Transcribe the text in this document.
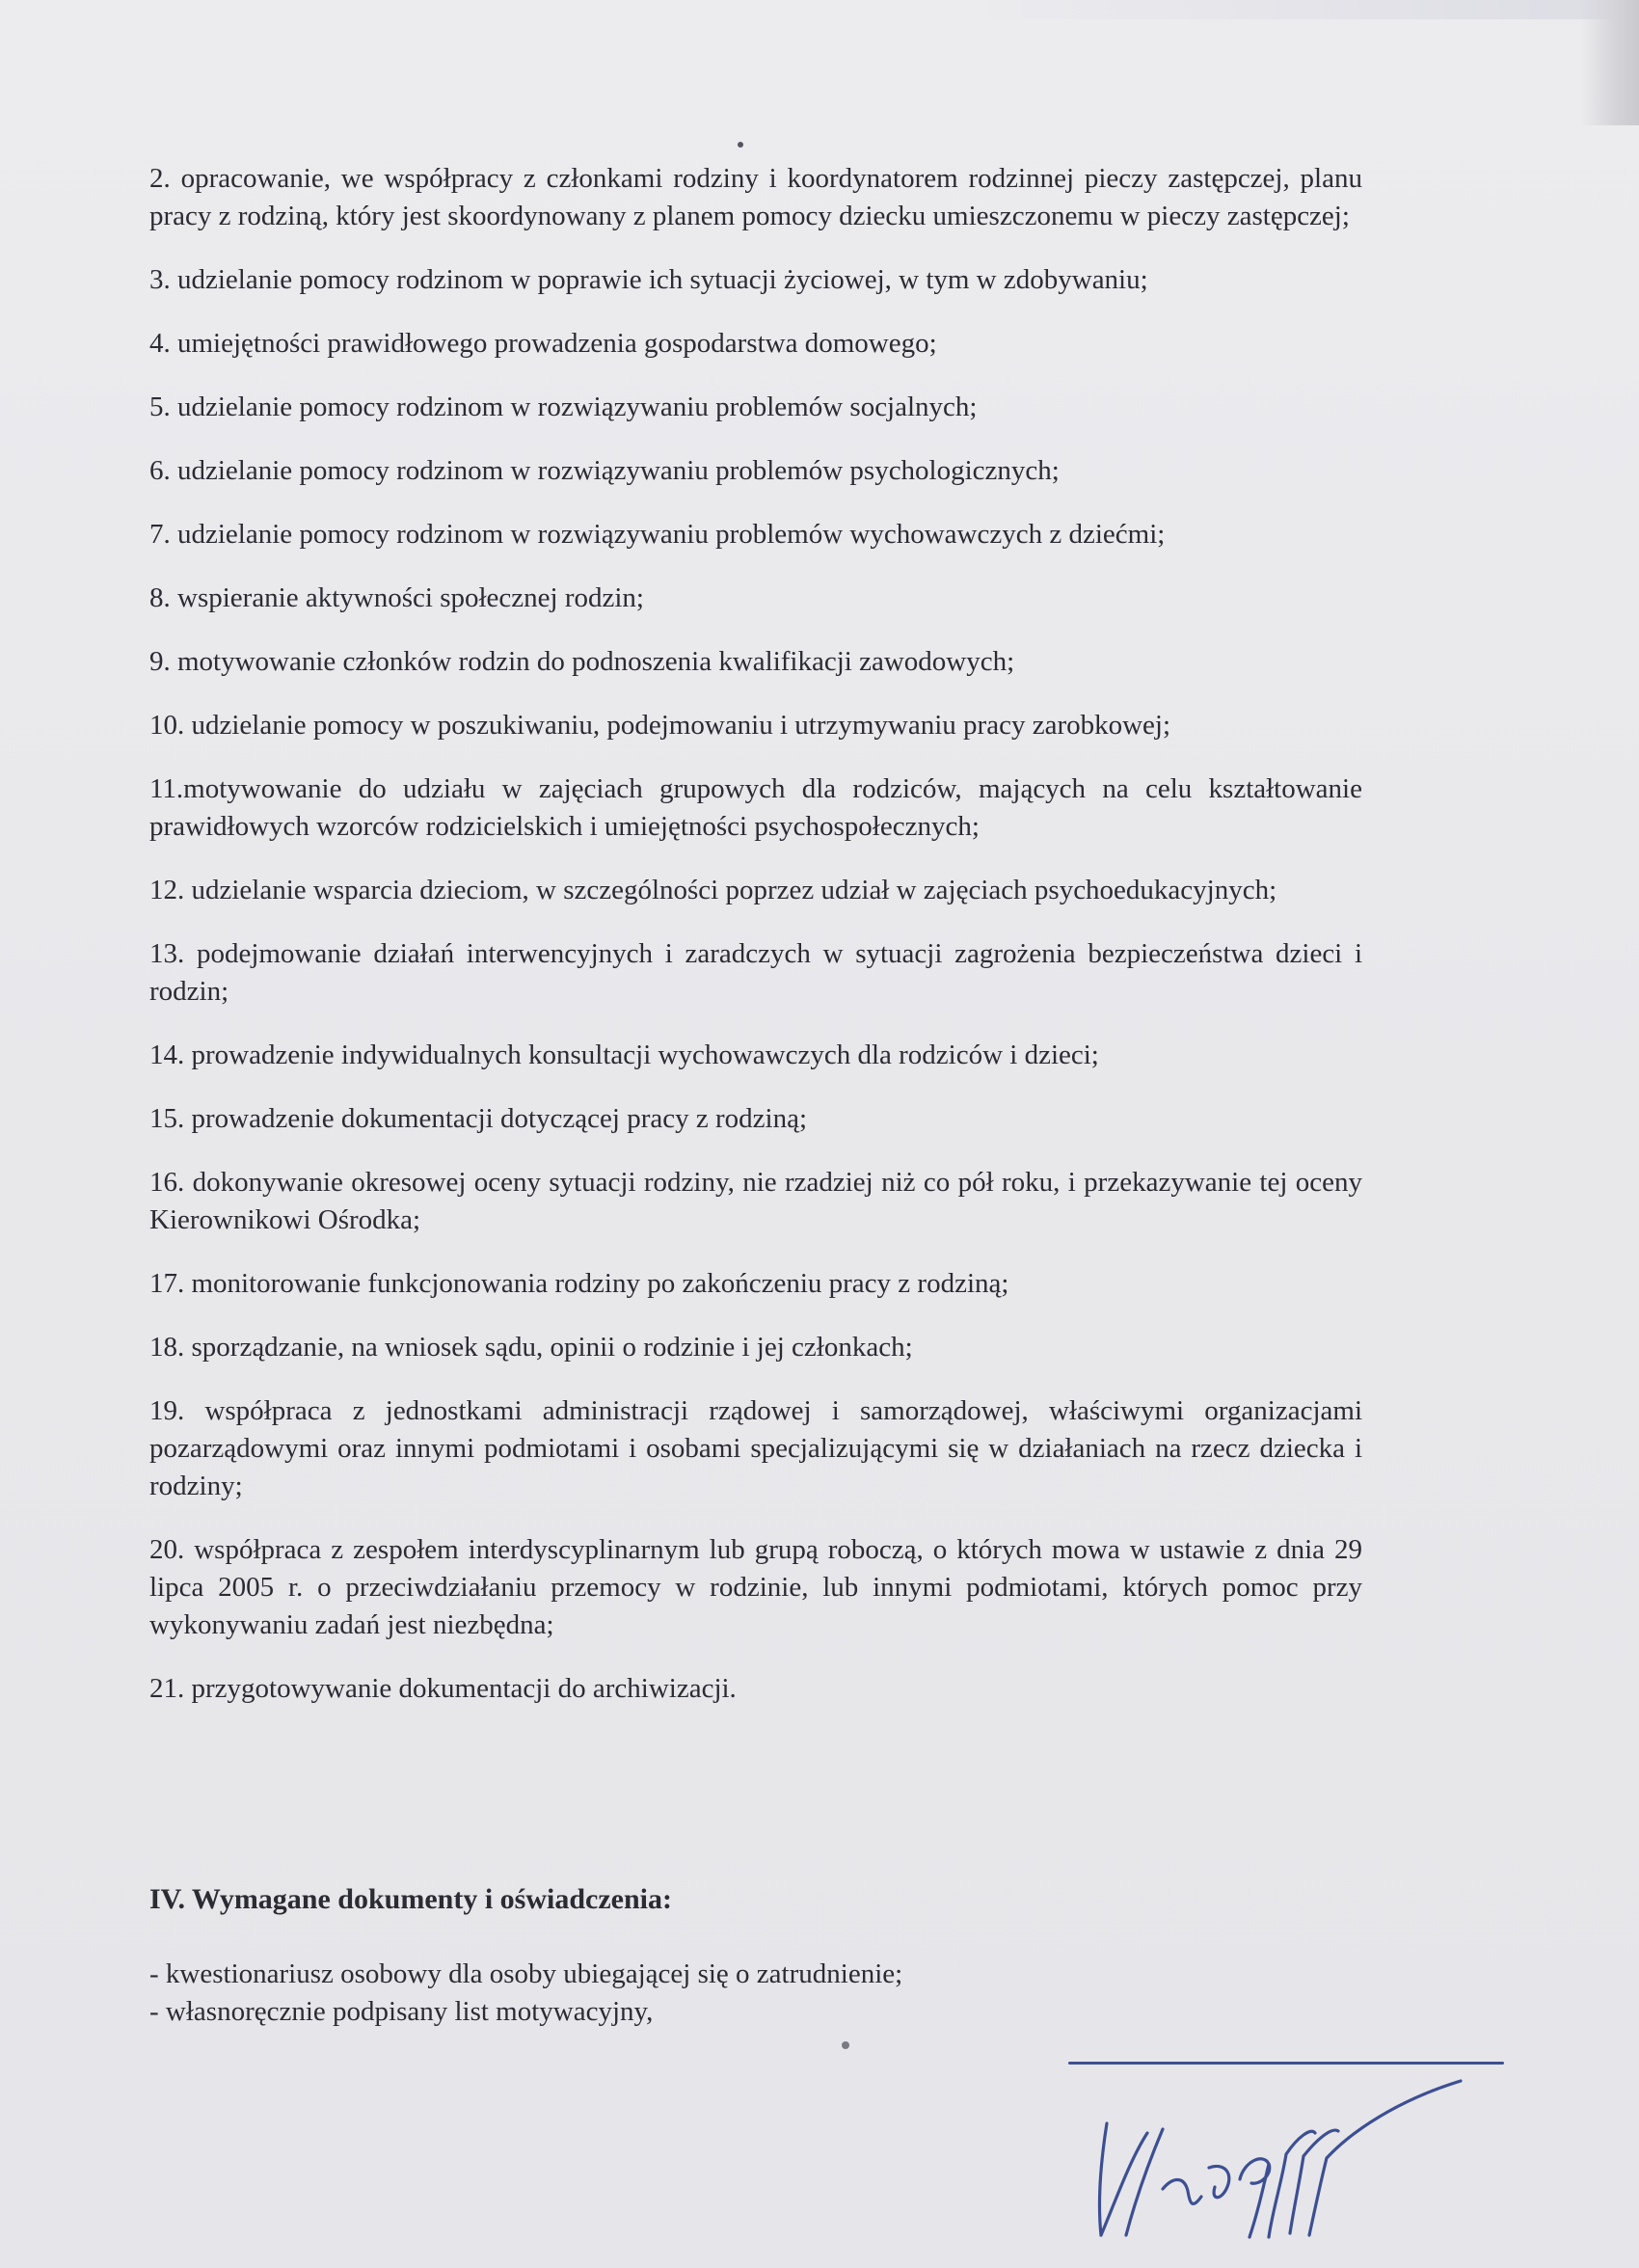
2. opracowanie, we współpracy z członkami rodziny i koordynatorem rodzinnej pieczy zastępczej, planu pracy z rodziną, który jest skoordynowany z planem pomocy dziecku umieszczonemu w pieczy zastępczej;

3. udzielanie pomocy rodzinom w poprawie ich sytuacji życiowej, w tym w zdobywaniu;

4. umiejętności prawidłowego prowadzenia gospodarstwa domowego;

5. udzielanie pomocy rodzinom w rozwiązywaniu problemów socjalnych;

6. udzielanie pomocy rodzinom w rozwiązywaniu problemów psychologicznych;

7. udzielanie pomocy rodzinom w rozwiązywaniu problemów wychowawczych z dziećmi;

8. wspieranie aktywności społecznej rodzin;

9. motywowanie członków rodzin do podnoszenia kwalifikacji zawodowych;

10. udzielanie pomocy w poszukiwaniu, podejmowaniu i utrzymywaniu pracy zarobkowej;

11.motywowanie do udziału w zajęciach grupowych dla rodziców, mających na celu kształtowanie prawidłowych wzorców rodzicielskich i umiejętności psychospołecznych;

12. udzielanie wsparcia dzieciom, w szczególności poprzez udział w zajęciach psychoedukacyjnych;

13. podejmowanie działań interwencyjnych i zaradczych w sytuacji zagrożenia bezpieczeństwa dzieci i rodzin;

14. prowadzenie indywidualnych konsultacji wychowawczych dla rodziców i dzieci;

15. prowadzenie dokumentacji dotyczącej pracy z rodziną;

16. dokonywanie okresowej oceny sytuacji rodziny, nie rzadziej niż co pół roku, i przekazywanie tej oceny Kierownikowi Ośrodka;

17. monitorowanie funkcjonowania rodziny po zakończeniu pracy z rodziną;

18. sporządzanie, na wniosek sądu, opinii o rodzinie i jej członkach;

19. współpraca z jednostkami administracji rządowej i samorządowej, właściwymi organizacjami pozarządowymi oraz innymi podmiotami i osobami specjalizującymi się w działaniach na rzecz dziecka i rodziny;

20. współpraca z zespołem interdyscyplinarnym lub grupą roboczą, o których mowa w ustawie z dnia 29 lipca 2005 r. o przeciwdziałaniu przemocy w rodzinie, lub innymi podmiotami, których pomoc przy wykonywaniu zadań jest niezbędna;

21. przygotowywanie dokumentacji do archiwizacji.

IV. Wymagane dokumenty i oświadczenia:
- kwestionariusz osobowy dla osoby ubiegającej się o zatrudnienie;
- własnoręcznie podpisany list motywacyjny,
